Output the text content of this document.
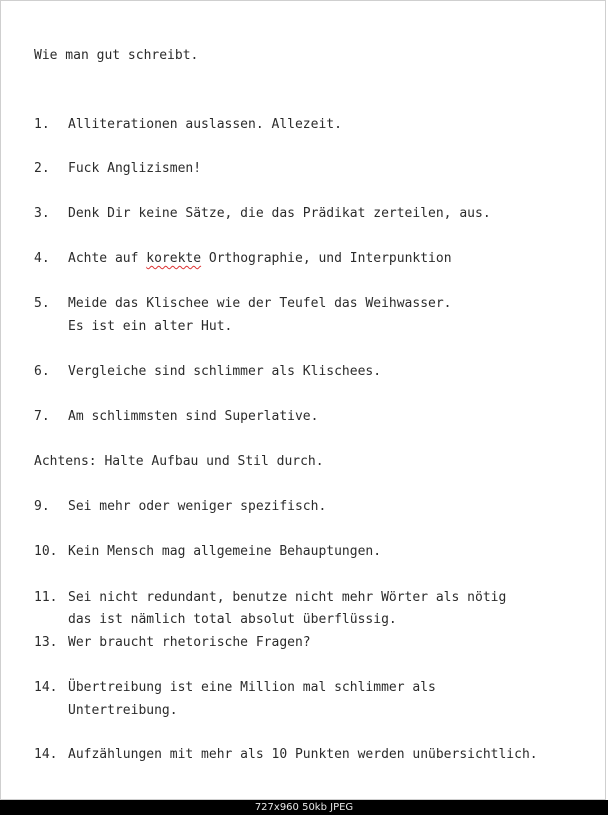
Wie man gut schreibt.

1. Alliterationen auslassen. Allezeit.

2. Fuck Anglizismen!

3. Denk Dir keine Sätze, die das Prädikat zerteilen, aus.

4. Achte auf korekte Orthographie, und Interpunktion

5. Meide das Klischee wie der Teufel das Weihwasser.

Es ist ein alter Hut.

6. Vergleiche sind schlimmer als Klischees.

7. Am schlimmsten sind Superlative.

Achtens: Halte Aufbau und Stil durch.

9. Sei mehr oder weniger spezifisch.

10. Kein Mensch mag allgemeine Behauptungen.

11. Sei nicht redundant, benutze nicht mehr Wörter als nötig

das ist nämlich total absolut überflüssig.

13. Wer braucht rhetorische Fragen?

14. Übertreibung ist eine Million mal schlimmer als

Untertreibung.

14. Aufzählungen mit mehr als 10 Punkten werden unübersichtlich.

727x960 50kb JPEG
